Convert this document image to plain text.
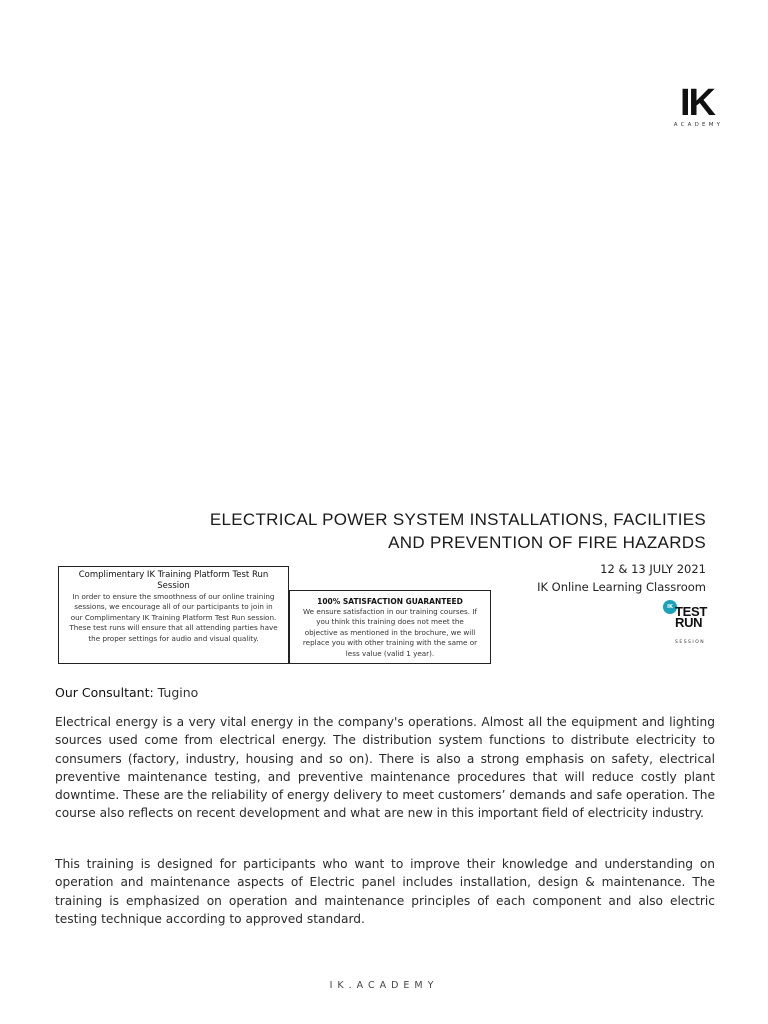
IK
ACADEMY
ELECTRICAL POWER SYSTEM INSTALLATIONS, FACILITIES
AND PREVENTION OF FIRE HAZARDS
12 & 13 JULY 2021
IK Online Learning Classroom
IK TEST
RUN
SESSION
Complimentary IK Training Platform Test Run Session
In order to ensure the smoothness of our online training sessions, we encourage all of our participants to join in our Complimentary IK Training Platform Test Run session. These test runs will ensure that all attending parties have the proper settings for audio and visual quality.
100% SATISFACTION GUARANTEED
We ensure satisfaction in our training courses. If you think this training does not meet the objective as mentioned in the brochure, we will replace you with other training with the same or less value (valid 1 year).
Our Consultant: Tugino

Electrical energy is a very vital energy in the company's operations. Almost all the equipment and lighting sources used come from electrical energy. The distribution system functions to distribute electricity to consumers (factory, industry, housing and so on). There is also a strong emphasis on safety, electrical preventive maintenance testing, and preventive maintenance procedures that will reduce costly plant downtime. These are the reliability of energy delivery to meet customers’ demands and safe operation. The course also reflects on recent development and what are new in this important field of electricity industry.

This training is designed for participants who want to improve their knowledge and understanding on operation and maintenance aspects of Electric panel includes installation, design & maintenance. The training is emphasized on operation and maintenance principles of each component and also electric testing technique according to approved standard.

IK.ACADEMY
